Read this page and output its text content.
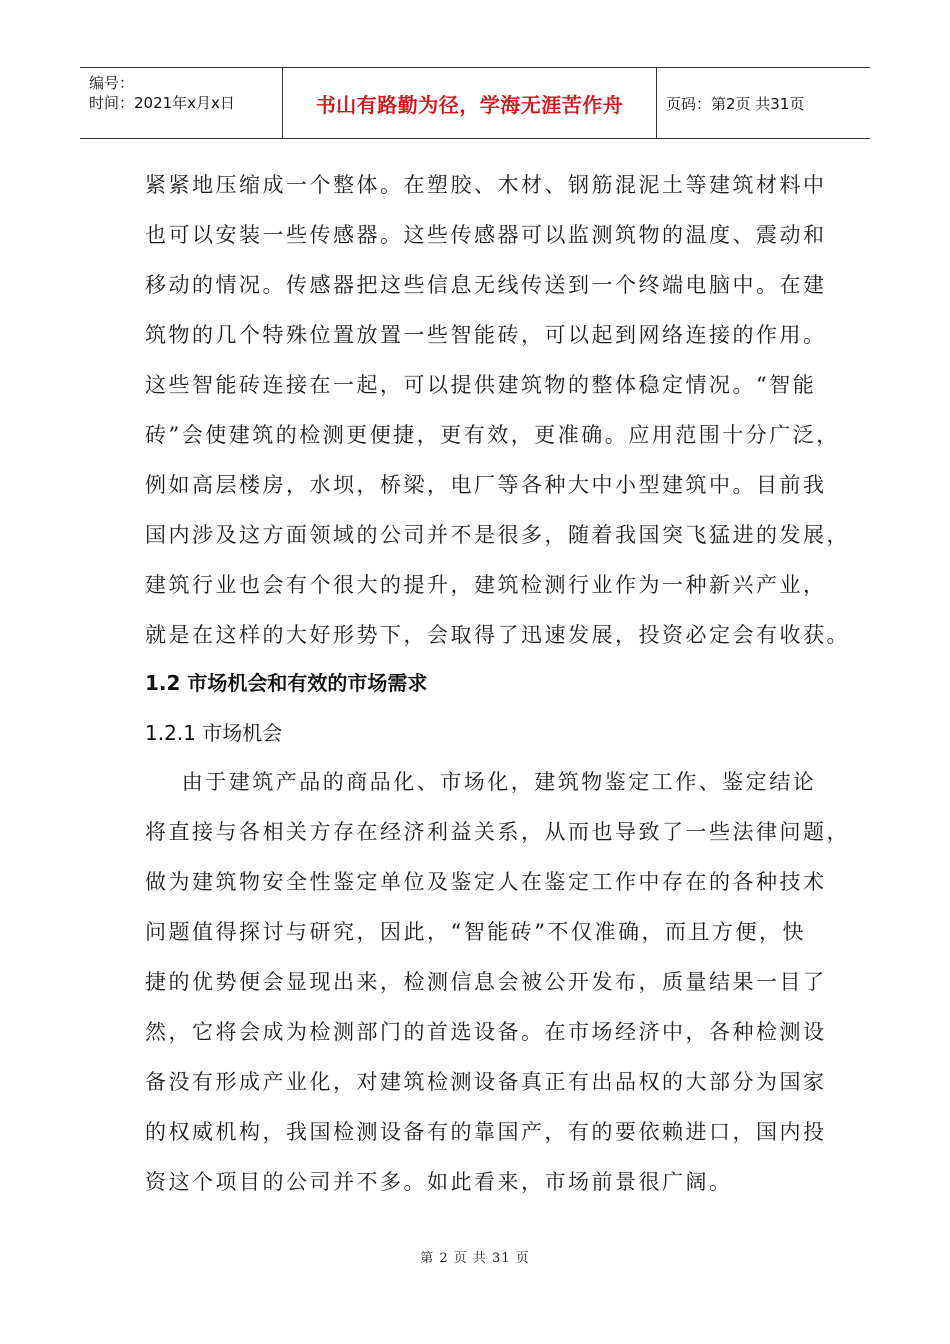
编号：
时间：2021年x月x日	书山有路勤为径，学海无涯苦作舟	页码：第2页 共31页

紧紧地压缩成一个整体。在塑胶、木材、钢筋混泥土等建筑材料中

也可以安装一些传感器。这些传感器可以监测筑物的温度、震动和

移动的情况。传感器把这些信息无线传送到一个终端电脑中。在建

筑物的几个特殊位置放置一些智能砖，可以起到网络连接的作用。

这些智能砖连接在一起，可以提供建筑物的整体稳定情况。“智能

砖”会使建筑的检测更便捷，更有效，更准确。应用范围十分广泛，

例如高层楼房，水坝，桥梁，电厂等各种大中小型建筑中。目前我

国内涉及这方面领域的公司并不是很多，随着我国突飞猛进的发展，

建筑行业也会有个很大的提升，建筑检测行业作为一种新兴产业，

就是在这样的大好形势下，会取得了迅速发展，投资必定会有收获。

1.2 市场机会和有效的市场需求
1.2.1 市场机会

由于建筑产品的商品化、市场化，建筑物鉴定工作、鉴定结论

将直接与各相关方存在经济利益关系，从而也导致了一些法律问题，

做为建筑物安全性鉴定单位及鉴定人在鉴定工作中存在的各种技术

问题值得探讨与研究，因此，“智能砖”不仅准确，而且方便，快

捷的优势便会显现出来，检测信息会被公开发布，质量结果一目了

然，它将会成为检测部门的首选设备。在市场经济中，各种检测设

备没有形成产业化，对建筑检测设备真正有出品权的大部分为国家

的权威机构，我国检测设备有的靠国产，有的要依赖进口，国内投

资这个项目的公司并不多。如此看来，市场前景很广阔。

第 2 页 共 31 页
